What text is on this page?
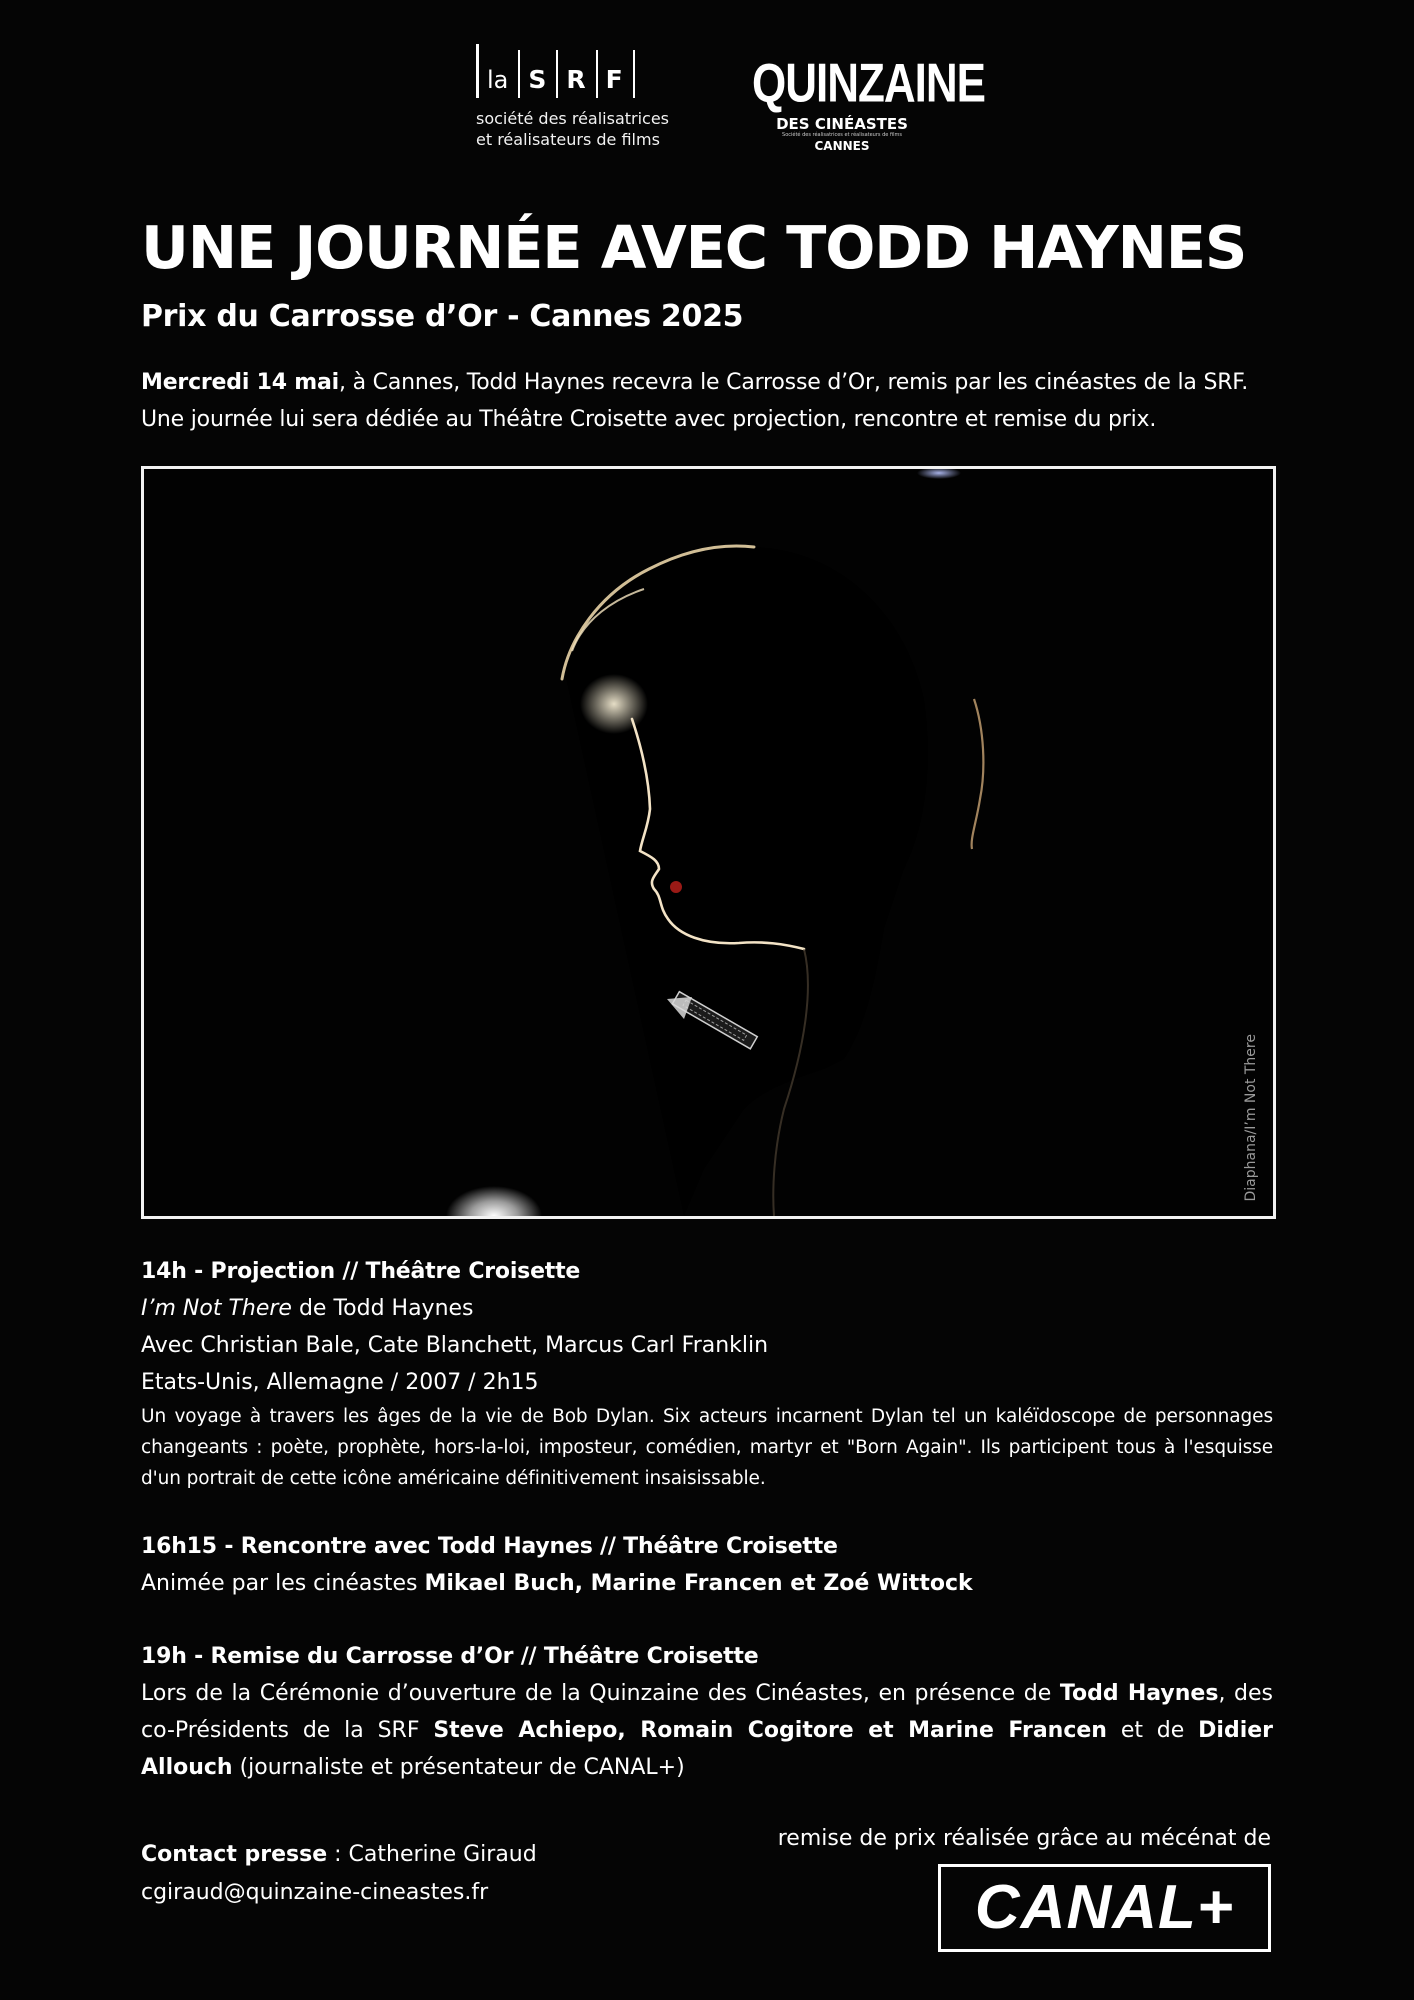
la S R F
société des réalisatrices
et réalisateurs de films
QUINZAINE
DES CINÉASTES
Société des réalisatrices et réalisateurs de films
CANNES
UNE JOURNÉE AVEC TODD HAYNES
Prix du Carrosse d’Or - Cannes 2025
Mercredi 14 mai, à Cannes, Todd Haynes recevra le Carrosse d’Or, remis par les cinéastes de la SRF.
Une journée lui sera dédiée au Théâtre Croisette avec projection, rencontre et remise du prix.
Diaphana/I’m Not There
14h - Projection // Théâtre Croisette
I’m Not There de Todd Haynes
Avec Christian Bale, Cate Blanchett, Marcus Carl Franklin
Etats-Unis, Allemagne / 2007 / 2h15
Un voyage à travers les âges de la vie de Bob Dylan. Six acteurs incarnent Dylan tel un kaléïdoscope de personnages changeants : poète, prophète, hors-la-loi, imposteur, comédien, martyr et "Born Again". Ils participent tous à l'esquisse d'un portrait de cette icône américaine définitivement insaisissable.
16h15 - Rencontre avec Todd Haynes // Théâtre Croisette
Animée par les cinéastes Mikael Buch, Marine Francen et Zoé Wittock
19h - Remise du Carrosse d’Or // Théâtre Croisette
Lors de la Cérémonie d’ouverture de la Quinzaine des Cinéastes, en présence de Todd Haynes, des co-Présidents de la SRF Steve Achiepo, Romain Cogitore et Marine Francen et de Didier Allouch (journaliste et présentateur de CANAL+)
Contact presse : Catherine Giraud
cgiraud@quinzaine-cineastes.fr
remise de prix réalisée grâce au mécénat de
CANAL+
